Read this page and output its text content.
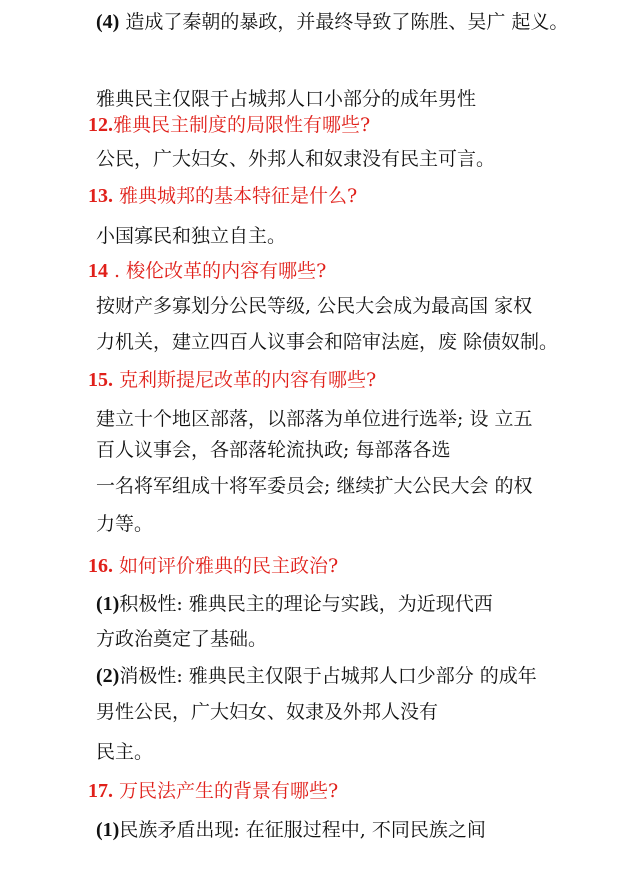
(4) 造成了秦朝的暴政，并最终导致了陈胜、吴广 起义。
雅典民主仅限于占城邦人口小部分的成年男性
12.雅典民主制度的局限性有哪些?
公民，广大妇女、外邦人和奴隶没有民主可言。
13. 雅典城邦的基本特征是什么?
小国寡民和独立自主。
14 . 梭伦改革的内容有哪些?
按财产多寡划分公民等级, 公民大会成为最高国 家权
力机关，建立四百人议事会和陪审法庭，废 除债奴制。
15. 克利斯提尼改革的内容有哪些?
建立十个地区部落，以部落为单位进行选举; 设 立五
百人议事会，各部落轮流执政; 每部落各选
一名将军组成十将军委员会; 继续扩大公民大会 的权
力等。
16. 如何评价雅典的民主政治?
(1)积极性: 雅典民主的理论与实践，为近现代西
方政治奠定了基础。
(2)消极性: 雅典民主仅限于占城邦人口少部分 的成年
男性公民，广大妇女、奴隶及外邦人没有
民主。
17. 万民法产生的背景有哪些?
(1)民族矛盾出现: 在征服过程中, 不同民族之间
